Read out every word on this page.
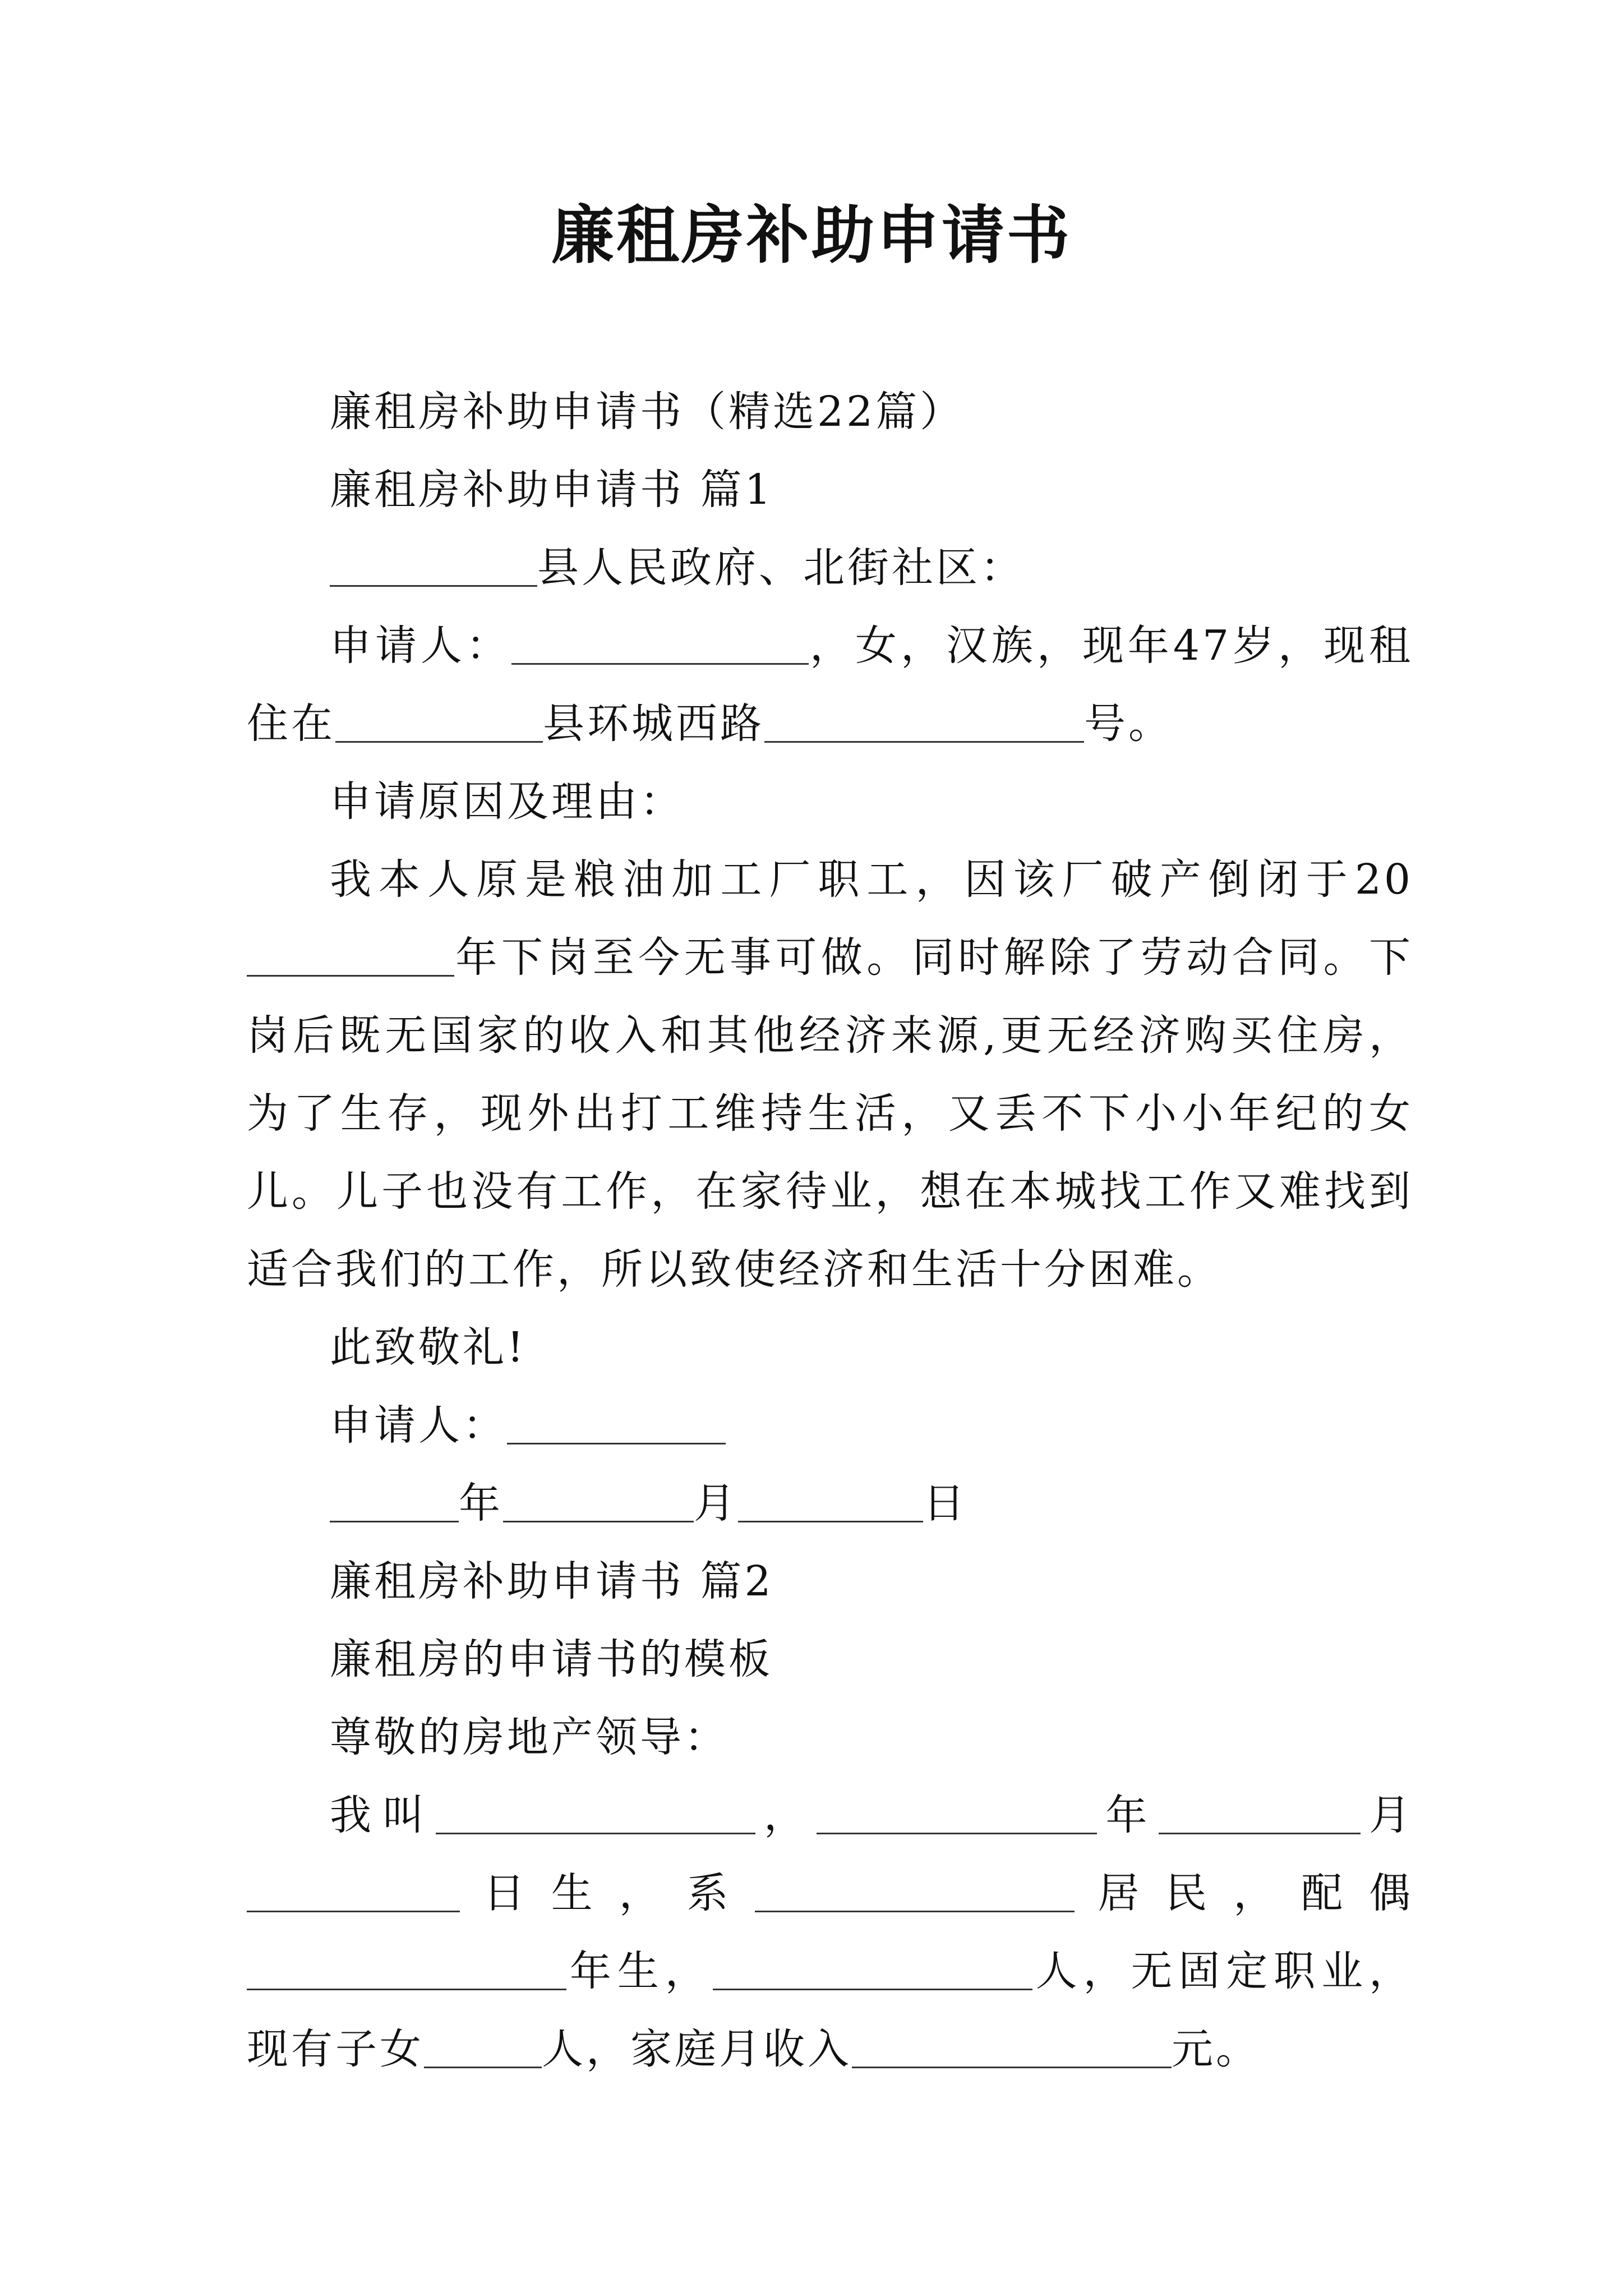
廉租房补助申请书

廉租房补助申请书（精选22篇）

廉租房补助申请书 篇1

县人民政府、北街社区：

申请人：	，女，汉族，现年47岁，现租住在	县环城西路	号。

申请原因及理由：

我本人原是粮油加工厂职工，因该厂破产倒闭于20年下岗至今无事可做。同时解除了劳动合同。下岗后既无国家的收入和其他经济来源,更无经济购买住房，为了生存，现外出打工维持生活，又丢不下小小年纪的女儿。儿子也没有工作，在家待业，想在本城找工作又难找到适合我们的工作，所以致使经济和生活十分困难。

此致敬礼!

申请人：

年	月	日

廉租房补助申请书 篇2

廉租房的申请书的模板

尊敬的房地产领导：

我叫	，	年	月日生，系	居民，配偶年生，	人，无固定职业，现有子女	人，家庭月收入	元。
